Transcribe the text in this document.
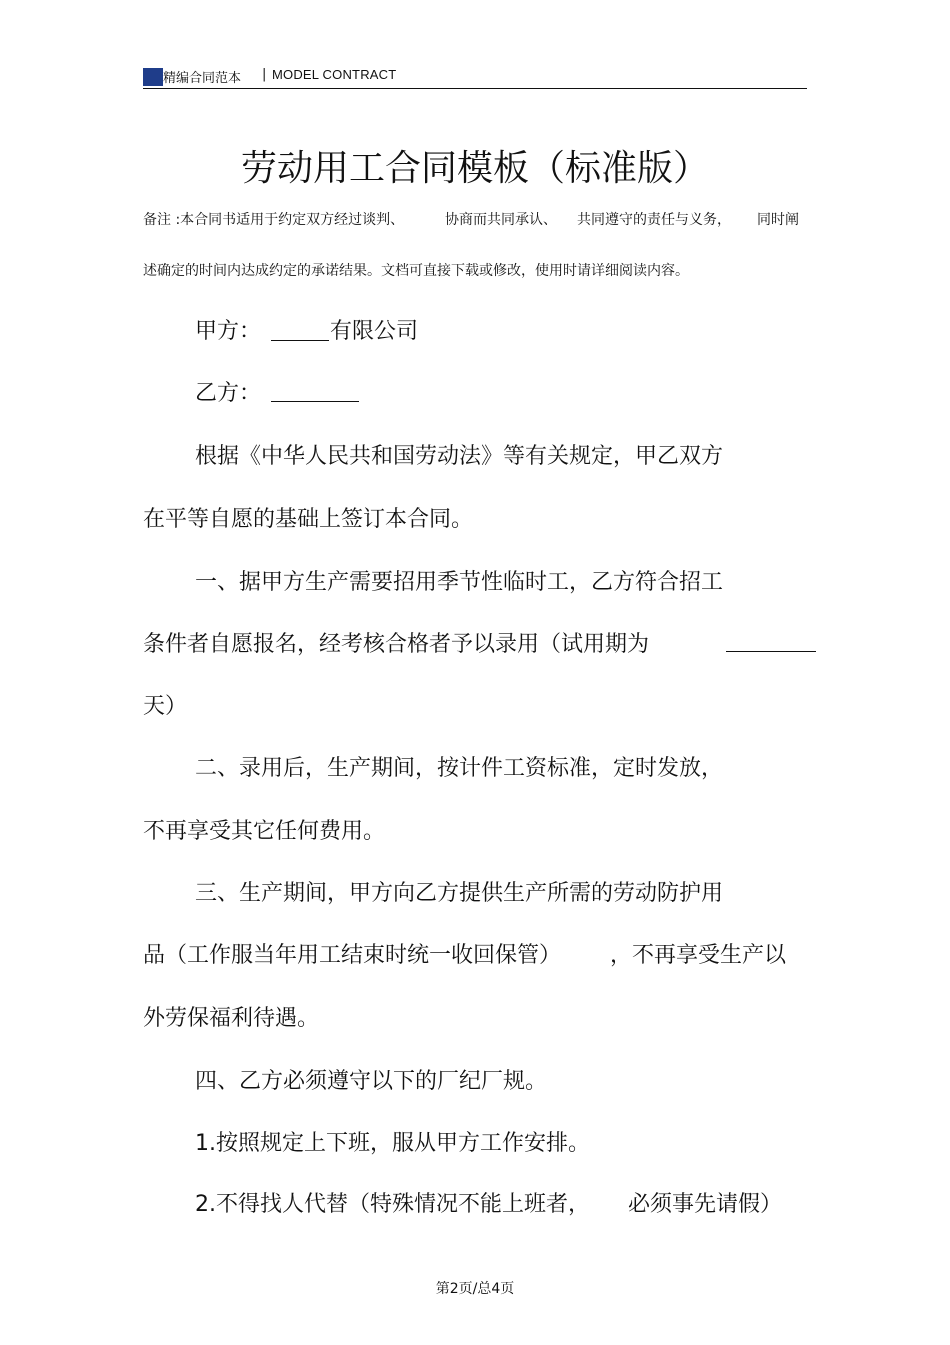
精编合同范本 | MODEL CONTRACT
劳动用工合同模板（标准版）
备注 :本合同书适用于约定双方经过谈判、	协商而共同承认、 共同遵守的责任与义务， 同时阐
述确定的时间内达成约定的承诺结果。文档可直接下载或修改，使用时请详细阅读内容。
甲方：	有限公司
乙方：
根据《中华人民共和国劳动法》等有关规定，甲乙双方
在平等自愿的基础上签订本合同。
一、据甲方生产需要招用季节性临时工，乙方符合招工
条件者自愿报名，经考核合格者予以录用（试用期为
天）
二、录用后，生产期间，按计件工资标准，定时发放，
不再享受其它任何费用。
三、生产期间，甲方向乙方提供生产所需的劳动防护用
品（工作服当年用工结束时统一收回保管） ，不再享受生产以
外劳保福利待遇。
四、乙方必须遵守以下的厂纪厂规。
1.按照规定上下班，服从甲方工作安排。
2.不得找人代替（特殊情况不能上班者， 必须事先请假）
第2页/总4页
